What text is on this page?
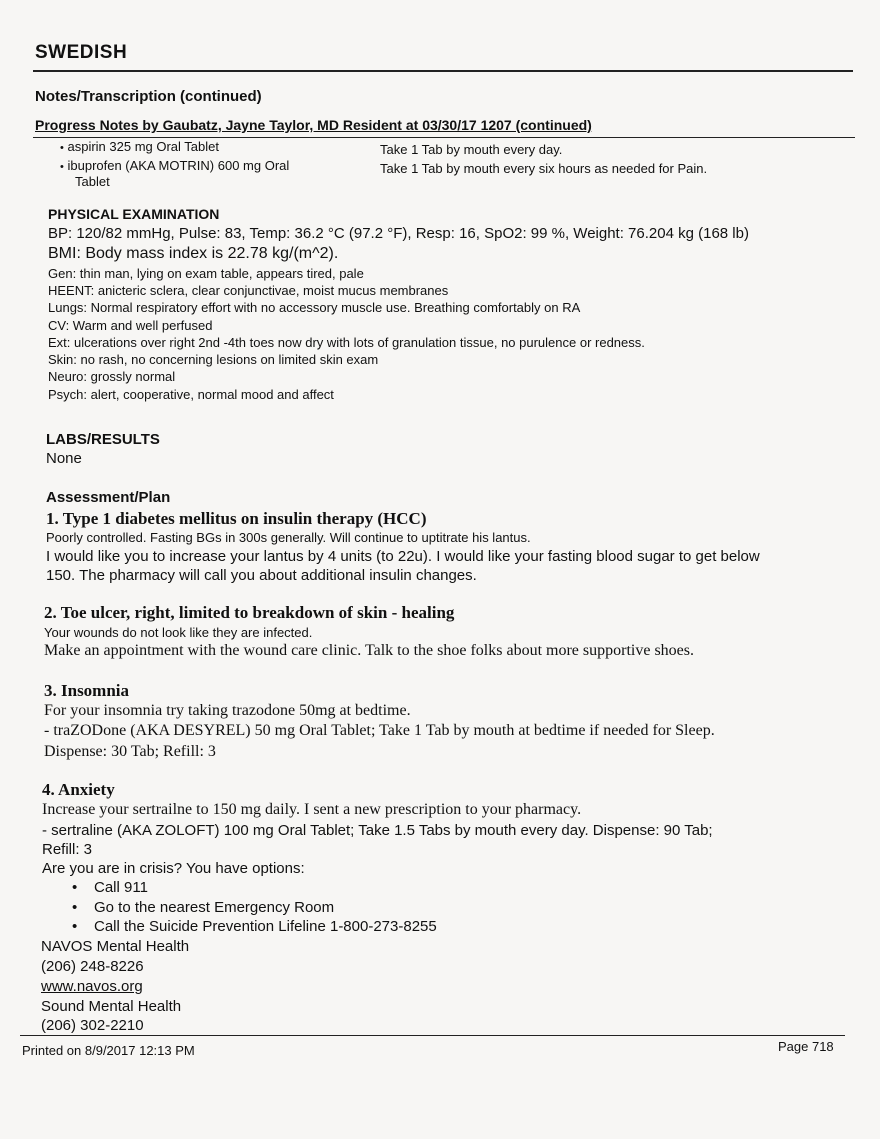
SWEDISH
Notes/Transcription (continued)
Progress Notes by Gaubatz, Jayne Taylor, MD Resident at 03/30/17 1207 (continued)
• aspirin 325 mg Oral Tablet	Take 1 Tab by mouth every day.
• ibuprofen (AKA MOTRIN) 600 mg Oral
Tablet
Take 1 Tab by mouth every six hours as needed for Pain.
PHYSICAL EXAMINATION
BP: 120/82 mmHg, Pulse: 83, Temp: 36.2 °C (97.2 °F), Resp: 16, SpO2: 99 %, Weight: 76.204 kg (168 lb)
BMI: Body mass index is 22.78 kg/(m^2).
Gen: thin man, lying on exam table, appears tired, pale
HEENT: anicteric sclera, clear conjunctivae, moist mucus membranes
Lungs: Normal respiratory effort with no accessory muscle use. Breathing comfortably on RA
CV: Warm and well perfused
Ext: ulcerations over right 2nd -4th toes now dry with lots of granulation tissue, no purulence or redness.
Skin: no rash, no concerning lesions on limited skin exam
Neuro: grossly normal
Psych: alert, cooperative, normal mood and affect
LABS/RESULTS
None
Assessment/Plan
1. Type 1 diabetes mellitus on insulin therapy (HCC)
Poorly controlled. Fasting BGs in 300s generally. Will continue to uptitrate his lantus.
I would like you to increase your lantus by 4 units (to 22u). I would like your fasting blood sugar to get below
150. The pharmacy will call you about additional insulin changes.
2. Toe ulcer, right, limited to breakdown of skin - healing
Your wounds do not look like they are infected.
Make an appointment with the wound care clinic. Talk to the shoe folks about more supportive shoes.
3. Insomnia
For your insomnia try taking trazodone 50mg at bedtime.
- traZODone (AKA DESYREL) 50 mg Oral Tablet; Take 1 Tab by mouth at bedtime if needed for Sleep.
Dispense: 30 Tab; Refill: 3
4. Anxiety
Increase your sertrailne to 150 mg daily. I sent a new prescription to your pharmacy.
- sertraline (AKA ZOLOFT) 100 mg Oral Tablet; Take 1.5 Tabs by mouth every day. Dispense: 90 Tab;
Refill: 3
Are you are in crisis? You have options:
• Call 911
• Go to the nearest Emergency Room
• Call the Suicide Prevention Lifeline 1-800-273-8255
NAVOS Mental Health
(206) 248-8226
www.navos.org
Sound Mental Health
(206) 302-2210
Printed on 8/9/2017 12:13 PM	Page 718
